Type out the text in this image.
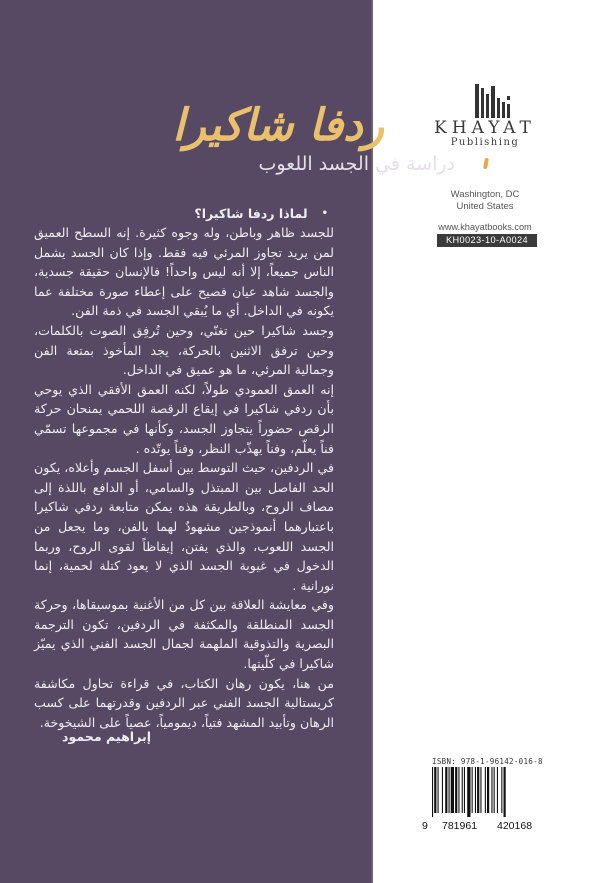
ردفا شاكيرا
دراسة في الجسد اللعوب
•
لماذا ردفا شاكيرا؟

للجسد ظاهر وباطن، وله وجوه كثيرة. إنه السطح العميق لمن يريد تجاوز المرئي فيه فقط. وإذا كان الجسد يشمل الناس جميعاً، إلا أنه ليس واحداً! فالإنسان حقيقة جسدية، والجسد شاهد عيان فصيح على إعطاء صورة مختلفة عما يكونه في الداخل. أي ما يُبقي الجسد في ذمة الفن.

وجسد شاكيرا حين تغنّي، وحين تُرفِق الصوت بالكلمات، وحين ترفق الاثنين بالحركة، يجد المأخوذ بمتعة الفن وجمالية المرئي، ما هو عميق في الداخل.

إنه العمق العمودي طولاً، لكنه العمق الأفقي الذي يوحي بأن ردفي شاكيرا في إيقاع الرقصة اللحمي يمنحان حركة الرقص حضوراً يتجاوز الجسد، وكأنها في مجموعها تسمّي فناً يعلّم، وفناً يهذّب النظر، وفناً يوتّده .

في الردفين، حيث التوسط بين أسفل الجسم وأعلاه، يكون الحد الفاصل بين المبتذل والسامي، أو الدافع باللذة إلى مصاف الروح، وبالطريقة هذه يمكن متابعة ردفي شاكيرا باعتبارهما أنموذجين مشهودٌ لهما بالفن، وما يجعل من الجسد اللعوب، والذي يفتن، إيقاظاً لقوى الروح، وربما الدخول في غيوبة الجسد الذي لا يعود كتلة لحمية، إنما نورانية .

وفي معايشة العلاقة بين كل من الأغنية بموسيقاها، وحركة الجسد المنطلقة والمكثفة في الردفين، تكون الترجمة البصرية والتذوقية الملهمة لجمال الجسد الفني الذي يميّز شاكيرا في كلّيتها.

من هنا، يكون رهان الكتاب، في قراءة تحاول مكاشفة كريستالية الجسد الفني عبر الردفين وقدرتهما على كسب الرهان وتأبيد المشهد فتياً، ديمومياً، عصياً على الشيخوخة.

إبراهيم محمود
KHAYAT
Publishing
Washington, DC
United States
www.khayatbooks.com
KH0023-10-A0024
ISBN: 978-1-96142-016-8
9 781961 420168
